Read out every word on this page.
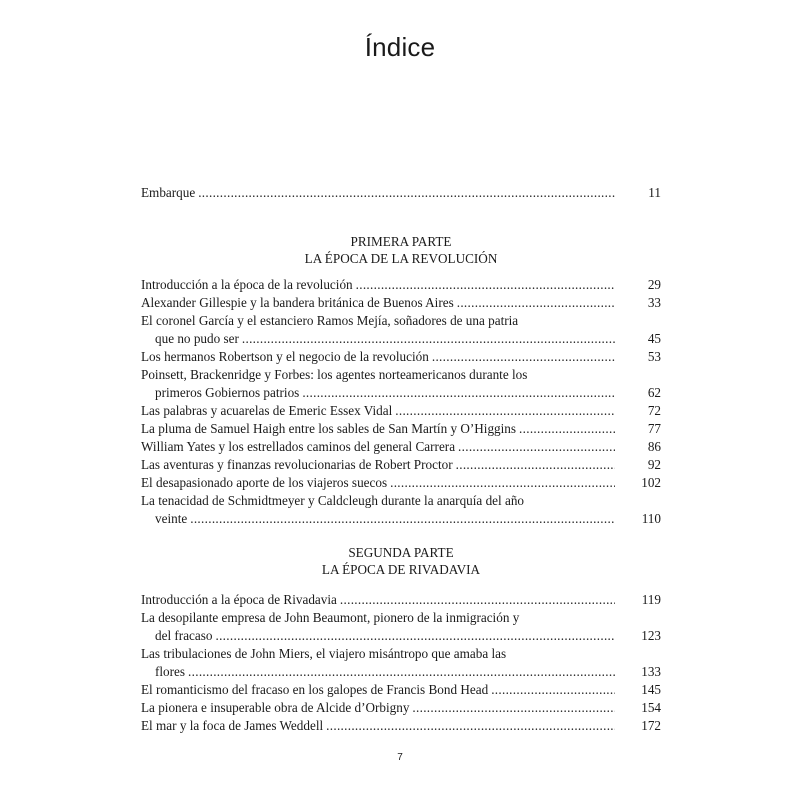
Índice
Embarque .....	11
PRIMERA PARTE
LA ÉPOCA DE LA REVOLUCIÓN
Introducción a la época de la revolución .....	29
Alexander Gillespie y la bandera británica de Buenos Aires .....	33
El coronel García y el estanciero Ramos Mejía, soñadores de una patria
que no pudo ser .....	45
Los hermanos Robertson y el negocio de la revolución .....	53
Poinsett, Brackenridge y Forbes: los agentes norteamericanos durante los
primeros Gobiernos patrios .....	62
Las palabras y acuarelas de Emeric Essex Vidal .....	72
La pluma de Samuel Haigh entre los sables de San Martín y O’Higgins .....	77
William Yates y los estrellados caminos del general Carrera .....	86
Las aventuras y finanzas revolucionarias de Robert Proctor .....	92
El desapasionado aporte de los viajeros suecos .....	102
La tenacidad de Schmidtmeyer y Caldcleugh durante la anarquía del año
veinte .....	110
SEGUNDA PARTE
LA ÉPOCA DE RIVADAVIA
Introducción a la época de Rivadavia .....	119
La desopilante empresa de John Beaumont, pionero de la inmigración y
del fracaso .....	123
Las tribulaciones de John Miers, el viajero misántropo que amaba las
flores .....	133
El romanticismo del fracaso en los galopes de Francis Bond Head .....	145
La pionera e insuperable obra de Alcide d’Orbigny .....	154
El mar y la foca de James Weddell .....	172
7
